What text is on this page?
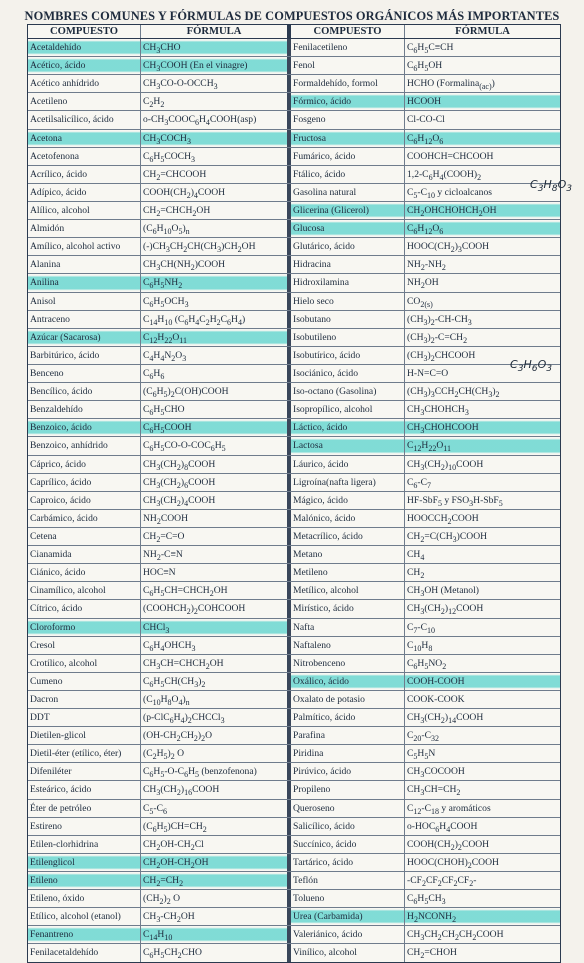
NOMBRES COMUNES Y FÓRMULAS DE COMPUESTOS ORGÁNICOS MÁS IMPORTANTES
COMPUESTO	FÓRMULA	COMPUESTO	FÓRMULA
Acetaldehído	$CH_3CHO$	Fenilacetileno	$C_6H_5C\equiv CH$
Acético, ácido	$CH_3COOH$ (En el vinagre)	Fenol	$C_6H_5OH$
Acético anhídrido	$CH_3CO-O-OCCH_3$	Formaldehído, formol	HCHO (Formalina$_{(ac)}$)
Acetileno	$C_2H_2$	Fórmico, ácido	HCOOH
Acetilsalicílico, ácido	$o-CH_3COOC_6H_4COOH(asp)$	Fosgeno	Cl-CO-Cl
Acetona	$CH_3COCH_3$	Fructosa	$C_6H_{12}O_6$
Acetofenona	$C_6H_5COCH_3$	Fumárico, ácido	COOHCH=CHCOOH
Acrílico, ácido	$CH_2=CHCOOH$	Ftálico, ácido	$1,2-C_6H_4(COOH)_2$
Adípico, ácido	$COOH(CH_2)_4COOH$	Gasolina natural	$C_5-C_{10}$ y cicloalcanos
Alílico, alcohol	$CH_2=CHCH_2OH$	Glicerina (Glicerol)	$CH_2OHCHOHCH_2OH$
Almidón	$(C_6H_{10}O_5)_n$	Glucosa	$C_6H_{12}O_6$
Amílico, alcohol activo	$(-)CH_3CH_2CH(CH_3)CH_2OH$	Glutárico, ácido	$HOOC(CH_2)_3COOH$
Alanina	$CH_3CH(NH_2)COOH$	Hidracina	$NH_2-NH_2$
Anilina	$C_6H_5NH_2$	Hidroxilamina	$NH_2OH$
Anisol	$C_6H_5OCH_3$	Hielo seco	$CO_{2(s)}$
Antraceno	$C_{14}H_{10}$ $(C_6H_4C_2H_2C_6H_4)$	Isobutano	$(CH_3)_2-CH-CH_3$
Azúcar (Sacarosa)	$C_{12}H_{22}O_{11}$	Isobutileno	$(CH_3)_2-C=CH_2$
Barbitúrico, ácido	$C_4H_4N_2O_3$	Isobutírico, ácido	$(CH_3)_2CHCOOH$
Benceno	$C_6H_6$	Isociánico, ácido	H-N=C=O
Bencílico, ácido	$(C_6H_5)_2C(OH)COOH$	Iso-octano (Gasolina)	$(CH_3)_3CCH_2CH(CH_3)_2$
Benzaldehído	$C_6H_5CHO$	Isopropílico, alcohol	$CH_3CHOHCH_3$
Benzoico, ácido	$C_6H_5COOH$	Láctico, ácido	$CH_3CHOHCOOH$
Benzoico, anhídrido	$C_6H_5CO-O-COC_6H_5$	Lactosa	$C_{12}H_{22}O_{11}$
Cáprico, ácido	$CH_3(CH_2)_8COOH$	Láurico, ácido	$CH_3(CH_2)_{10}COOH$
Caprílico, ácido	$CH_3(CH_2)_6COOH$	Ligroína(nafta ligera)	$C_6-C_7$
Caproico, ácido	$CH_3(CH_2)_4COOH$	Mágico, ácido	HF-SbF$_5$ y $FSO_3H-SbF_5$
Carbámico, ácido	$NH_2COOH$	Malónico, ácido	$HOOCCH_2COOH$
Cetena	$CH_2=C=O$	Metacrílico, ácido	$CH_2=C(CH_3)COOH$
Cianamida	$NH_2-C\equiv N$	Metano	$CH_4$
Ciánico, ácido	HOC≡N	Metileno	$CH_2$
Cinamílico, alcohol	$C_6H_5CH=CHCH_2OH$	Metílico, alcohol	$CH_3OH$ (Metanol)
Cítrico, ácido	$(COOHCH_2)_2COHCOOH$	Mirístico, ácido	$CH_3(CH_2)_{12}COOH$
Cloroformo	CHCl$_3$	Nafta	$C_7-C_{10}$
Cresol	$C_6H_4OHCH_3$	Naftaleno	$C_{10}H_8$
Crotílico, alcohol	$CH_3CH=CHCH_2OH$	Nitrobenceno	$C_6H_5NO_2$
Cumeno	$C_6H_5CH(CH_3)_2$	Oxálico, ácido	COOH-COOH
Dacron	$(C_{10}H_8O_4)_n$	Oxalato de potasio	COOK-COOK
DDT	$(p-ClC_6H_4)_2CHCCl_3$	Palmítico, ácido	$CH_3(CH_2)_{14}COOH$
Dietilen-glicol	$(OH-CH_2CH_2)_2O$	Parafina	$C_{20}-C_{32}$
Dietil-éter (etílico, éter)	$(C_2H_5)_2$ O	Piridina	$C_5H_5N$
Difeniléter	$C_6H_5-O-C_6H_5$ (benzofenona)	Pirúvico, ácido	$CH_3COCOOH$
Esteárico, ácido	$CH_3(CH_2)_{16}COOH$	Propileno	$CH_3CH=CH_2$
Éter de petróleo	$C_5-C_6$	Queroseno	$C_{12}-C_{18}$ y aromáticos
Estireno	$(C_6H_5)CH=CH_2$	Salicílico, ácido	$o-HOC_6H_4COOH$
Etilen-clorhidrina	$CH_2OH-CH_2Cl$	Succínico, ácido	$COOH(CH_2)_2COOH$
Etilenglicol	$CH_2OH-CH_2OH$	Tartárico, ácido	$HOOC(CHOH)_2COOH$
Etileno	$CH_2=CH_2$	Teflón	$-CF_2CF_2CF_2CF_2-$
Etileno, óxido	$(CH_2)_2$ O	Tolueno	$C_6H_5CH_3$
Etílico, alcohol (etanol)	$CH_3-CH_2OH$	Urea (Carbamida)	$H_2NCONH_2$
Fenantreno	$C_{14}H_{10}$	Valeriánico, ácido	$CH_3CH_2CH_2CH_2COOH$
Fenilacetaldehído	$C_6H_5CH_2CHO$	Vinílico, alcohol	$CH_2=CHOH$
$C_3H_8O_3$
$C_3H_6O_3$
